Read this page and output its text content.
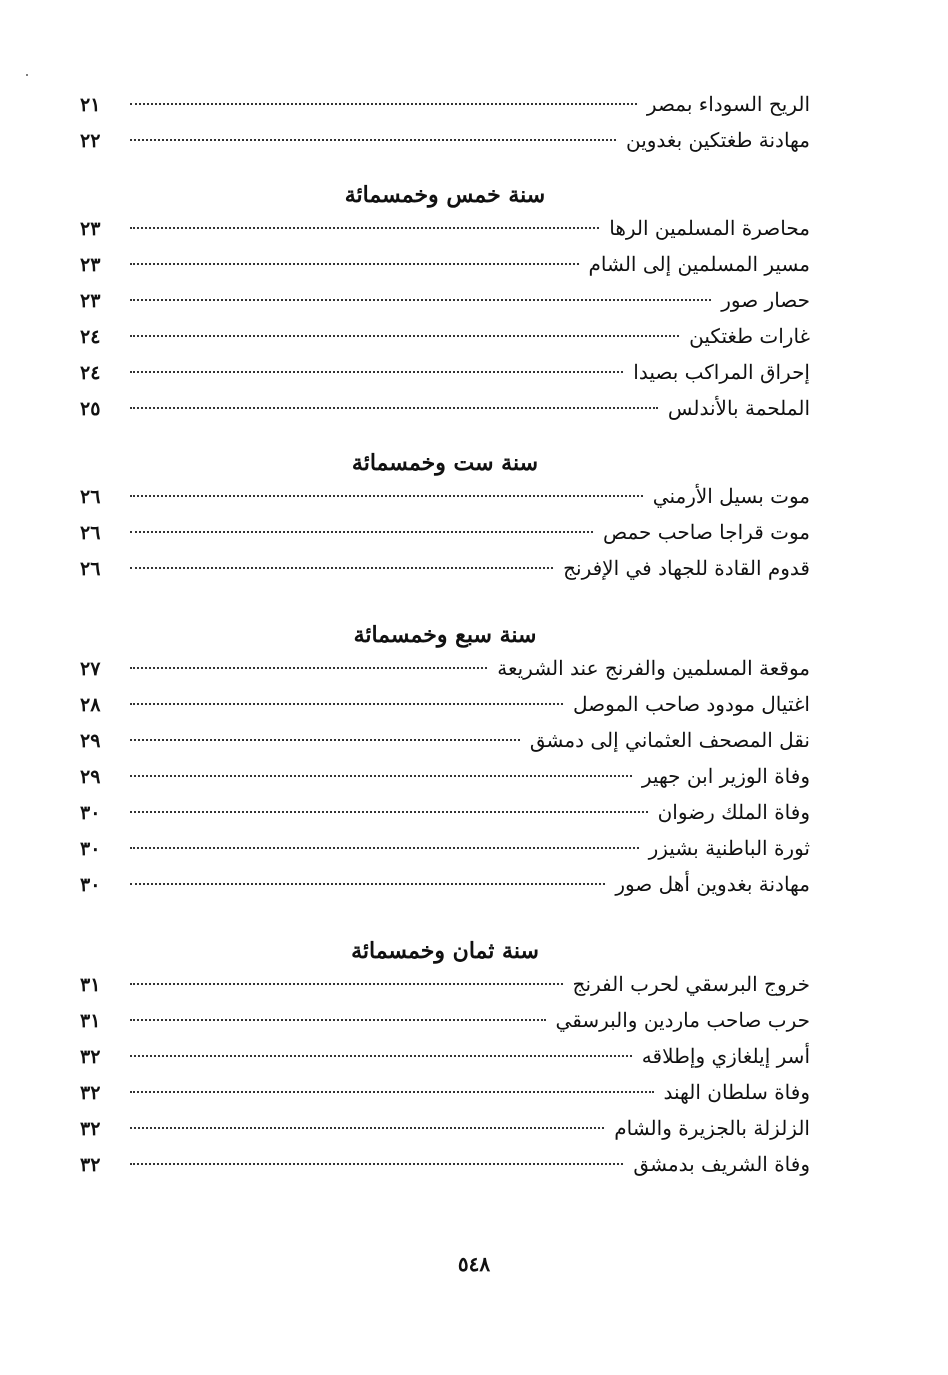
الريح السوداء بمصر
٢١
مهادنة طغتكين بغدوين
٢٢
سنة خمس وخمسمائة
محاصرة المسلمين الرها
٢٣
مسير المسلمين إلى الشام
٢٣
حصار صور
٢٣
غارات طغتكين
٢٤
إحراق المراكب بصيدا
٢٤
الملحمة بالأندلس
٢٥
سنة ست وخمسمائة
موت بسيل الأرمني
٢٦
موت قراجا صاحب حمص
٢٦
قدوم القادة للجهاد في الإفرنج
٢٦
سنة سبع وخمسمائة
موقعة المسلمين والفرنج عند الشريعة
٢٧
اغتيال مودود صاحب الموصل
٢٨
نقل المصحف العثماني إلى دمشق
٢٩
وفاة الوزير ابن جهير
٢٩
وفاة الملك رضوان
٣٠
ثورة الباطنية بشيزر
٣٠
مهادنة بغدوين أهل صور
٣٠
سنة ثمان وخمسمائة
خروج البرسقي لحرب الفرنج
٣١
حرب صاحب ماردين والبرسقي
٣١
أسر إيلغازي وإطلاقه
٣٢
وفاة سلطان الهند
٣٢
الزلزلة بالجزيرة والشام
٣٢
وفاة الشريف بدمشق
٣٢
٥٤٨
